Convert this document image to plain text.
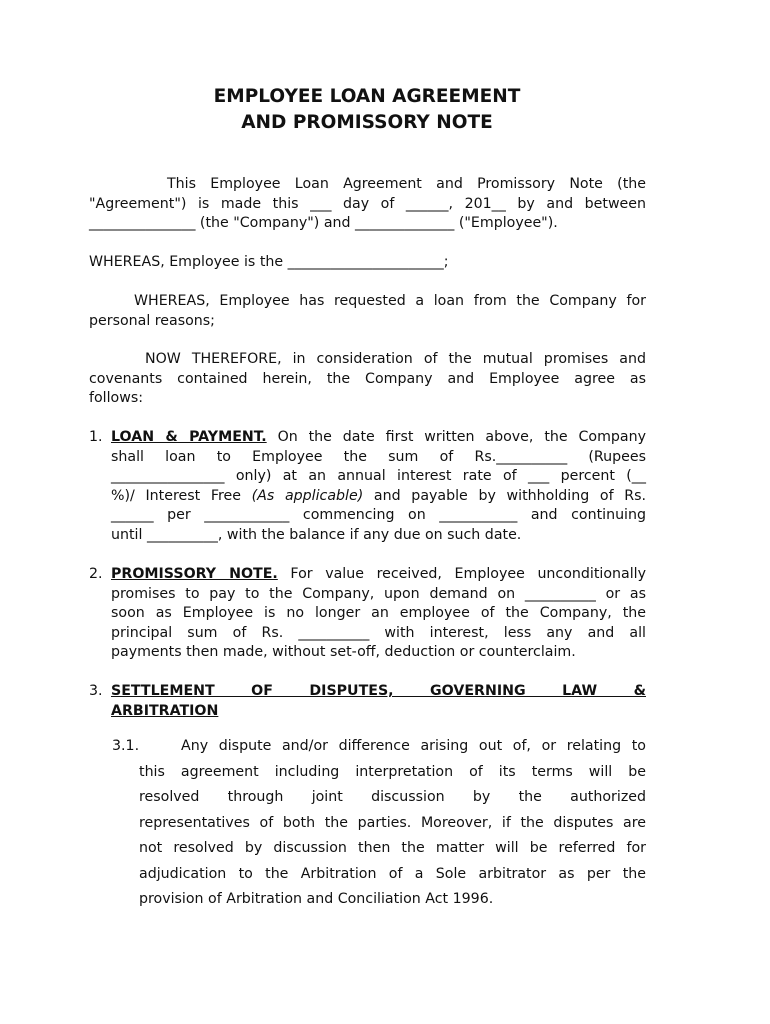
EMPLOYEE LOAN AGREEMENT
AND PROMISSORY NOTE
This Employee Loan Agreement and Promissory Note (the
"Agreement") is made this ___ day of ______, 201__ by and between
_______________ (the "Company") and ______________ ("Employee").
WHEREAS, Employee is the ______________________;
WHEREAS, Employee has requested a loan from the Company for
personal reasons;
NOW THEREFORE, in consideration of the mutual promises and
covenants contained herein, the Company and Employee agree as
follows:
1. LOAN & PAYMENT. On the date first written above, the Company
shall loan to Employee the sum of Rs.__________ (Rupees
________________ only) at an annual interest rate of ___ percent (__
%)/ Interest Free (As applicable) and payable by withholding of Rs.
______ per ____________ commencing on ___________ and continuing
until __________, with the balance if any due on such date.
2. PROMISSORY NOTE. For value received, Employee unconditionally
promises to pay to the Company, upon demand on __________ or as
soon as Employee is no longer an employee of the Company, the
principal sum of Rs. __________ with interest, less any and all
payments then made, without set-off, deduction or counterclaim.
3. SETTLEMENT OF DISPUTES, GOVERNING LAW &
ARBITRATION
3.1.	Any dispute and/or difference arising out of, or relating to
this agreement including interpretation of its terms will be
resolved through joint discussion by the authorized
representatives of both the parties. Moreover, if the disputes are
not resolved by discussion then the matter will be referred for
adjudication to the Arbitration of a Sole arbitrator as per the
provision of Arbitration and Conciliation Act 1996.
